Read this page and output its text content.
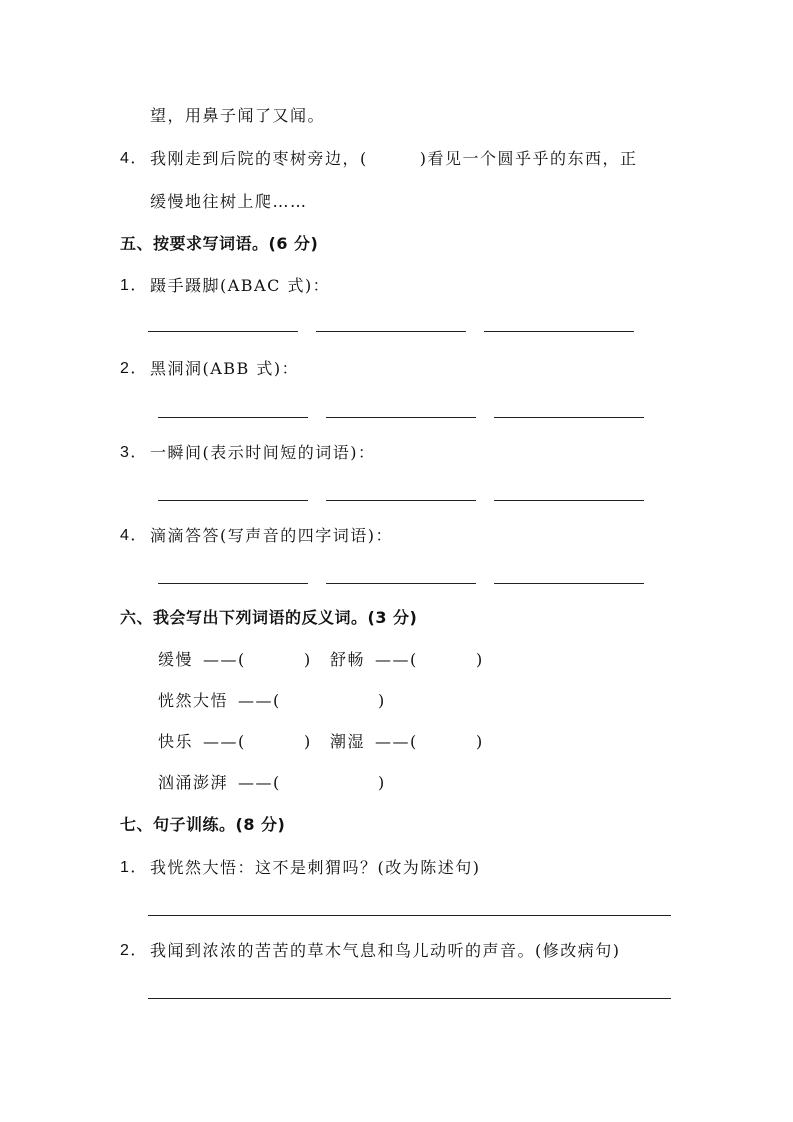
望，用鼻子闻了又闻。
4． 我刚走到后院的枣树旁边，(	)看见一个圆乎乎的东西，正
缓慢地往树上爬……
五、按要求写词语。(6 分)
1． 蹑手蹑脚(ABAC 式)：
2． 黑洞洞(ABB 式)：
3． 一瞬间(表示时间短的词语)：
4． 滴滴答答(写声音的四字词语)：
六、我会写出下列词语的反义词。(3 分)
缓慢 ——(	) 舒畅 ——(	)
恍然大悟 ——(	)
快乐 ——(	) 潮湿 ——(	)
汹涌澎湃 ——(	)
七、句子训练。(8 分)
1． 我恍然大悟：这不是刺猬吗？(改为陈述句)
2． 我闻到浓浓的苦苦的草木气息和鸟儿动听的声音。(修改病句)
